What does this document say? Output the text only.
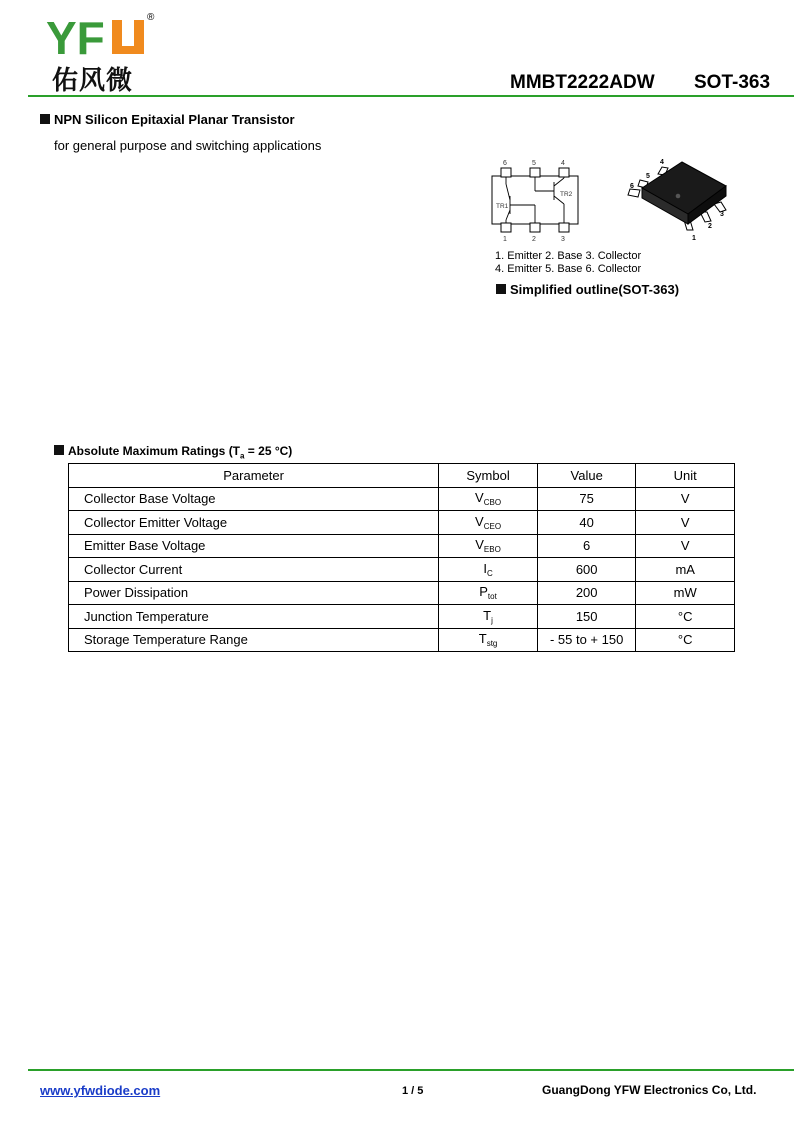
YF	®
佑风微	MMBT2222ADW SOT-363
NPN Silicon Epitaxial Planar Transistor
for general purpose and switching applications
6	5	4
1	2	3
TR1
TR2
4
5
6
1
2
3
1. Emitter 2. Base 3. Collector
4. Emitter 5. Base 6. Collector
Simplified outline(SOT-363)
Absolute Maximum Ratings ($T_a = 25$ °C)
Parameter	Symbol	Value	Unit
Collector Base Voltage	$V_{CBO}$	75	V
Collector Emitter Voltage	$V_{CEO}$	40	V
Emitter Base Voltage	$V_{EBO}$	6	V
Collector Current	$I_C$	600	mA
Power Dissipation	$P_{tot}$	200	mW
Junction Temperature	$T_j$	150	°C
Storage Temperature Range	$T_{stg}$	- 55 to + 150	°C
www.yfwdiode.com	1 / 5	GuangDong YFW Electronics Co, Ltd.
